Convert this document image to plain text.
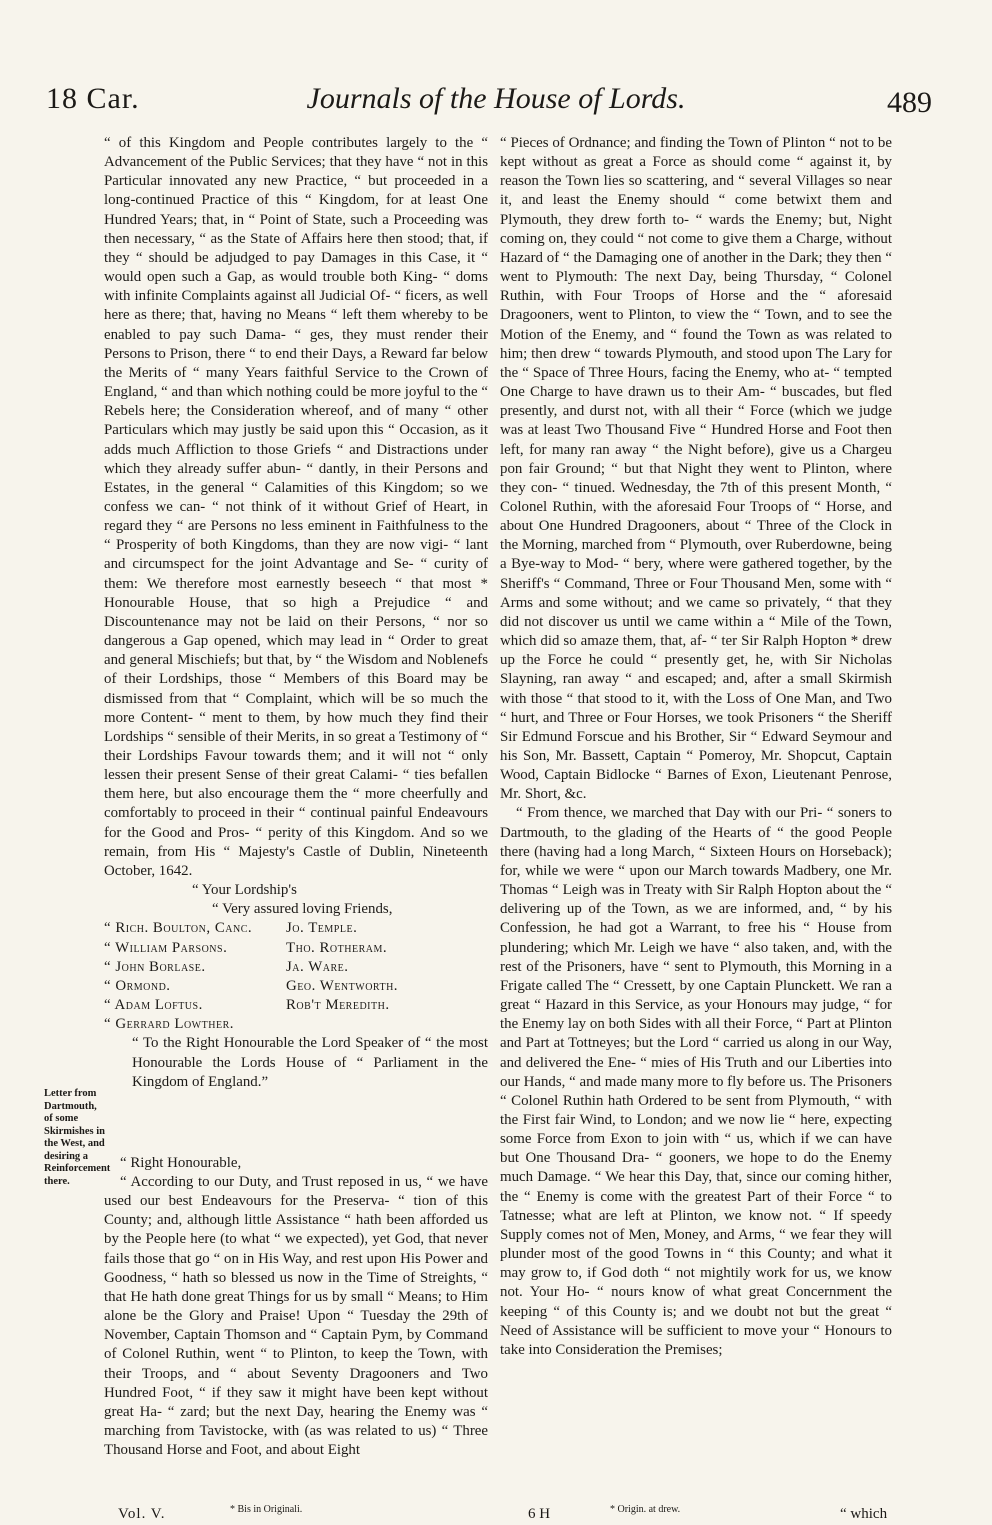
18 Car.	Journals of the House of Lords.	489

“ of this Kingdom and People contributes largely to the “ Advancement of the Public Services; that they have “ not in this Particular innovated any new Practice, “ but proceeded in a long-continued Practice of this “ Kingdom, for at least One Hundred Years; that, in “ Point of State, such a Proceeding was then necessary, “ as the State of Affairs here then stood; that, if they “ should be adjudged to pay Damages in this Case, it “ would open such a Gap, as would trouble both King- “ doms with infinite Complaints against all Judicial Of- “ ficers, as well here as there; that, having no Means “ left them whereby to be enabled to pay such Dama- “ ges, they must render their Persons to Prison, there “ to end their Days, a Reward far below the Merits of “ many Years faithful Service to the Crown of England, “ and than which nothing could be more joyful to the “ Rebels here; the Consideration whereof, and of many “ other Particulars which may justly be said upon this “ Occasion, as it adds much Affliction to those Griefs “ and Distractions under which they already suffer abun- “ dantly, in their Persons and Estates, in the general “ Calamities of this Kingdom; so we confess we can- “ not think of it without Grief of Heart, in regard they “ are Persons no less eminent in Faithfulness to the “ Prosperity of both Kingdoms, than they are now vigi- “ lant and circumspect for the joint Advantage and Se- “ curity of them: We therefore most earnestly beseech “ that most * Honourable House, that so high a Prejudice “ and Discountenance may not be laid on their Persons, “ nor so dangerous a Gap opened, which may lead in “ Order to great and general Mischiefs; but that, by “ the Wisdom and Noblenefs of their Lordships, those “ Members of this Board may be dismissed from that “ Complaint, which will be so much the more Content- “ ment to them, by how much they find their Lordships “ sensible of their Merits, in so great a Testimony of “ their Lordships Favour towards them; and it will not “ only lessen their present Sense of their great Calami- “ ties befallen them here, but also encourage them the “ more cheerfully and comfortably to proceed in their “ continual painful Endeavours for the Good and Pros- “ perity of this Kingdom. And so we remain, from His “ Majesty's Castle of Dublin, Nineteenth October, 1642.

“ Your Lordship's

“ Very assured loving Friends,

“ Rich. Boulton, Canc.	Jo. Temple.
“ William Parsons.	Tho. Rotheram.
“ John Borlase.	Ja. Ware.
“ Ormond.	Geo. Wentworth.
“ Adam Loftus.	Rob't Meredith.
“ Gerrard Lowther.

“ To the Right Honourable the Lord Speaker of “ the most Honourable the Lords House of “ Parliament in the Kingdom of England.”

“ Right Honourable,

“ According to our Duty, and Trust reposed in us, “ we have used our best Endeavours for the Preserva- “ tion of this County; and, although little Assistance “ hath been afforded us by the People here (to what “ we expected), yet God, that never fails those that go “ on in His Way, and rest upon His Power and Goodness, “ hath so blessed us now in the Time of Streights, “ that He hath done great Things for us by small “ Means; to Him alone be the Glory and Praise! Upon “ Tuesday the 29th of November, Captain Thomson and “ Captain Pym, by Command of Colonel Ruthin, went “ to Plinton, to keep the Town, with their Troops, and “ about Seventy Dragooners and Two Hundred Foot, “ if they saw it might have been kept without great Ha- “ zard; but the next Day, hearing the Enemy was “ marching from Tavistocke, with (as was related to us) “ Three Thousand Horse and Foot, and about Eight

Letter from Dartmouth, of some Skirmishes in the West, and desiring a Reinforcement there.

“ Pieces of Ordnance; and finding the Town of Plinton “ not to be kept without as great a Force as should come “ against it, by reason the Town lies so scattering, and “ several Villages so near it, and least the Enemy should “ come betwixt them and Plymouth, they drew forth to- “ wards the Enemy; but, Night coming on, they could “ not come to give them a Charge, without Hazard of “ the Damaging one of another in the Dark; they then “ went to Plymouth: The next Day, being Thursday, “ Colonel Ruthin, with Four Troops of Horse and the “ aforesaid Dragooners, went to Plinton, to view the “ Town, and to see the Motion of the Enemy, and “ found the Town as was related to him; then drew “ towards Plymouth, and stood upon The Lary for the “ Space of Three Hours, facing the Enemy, who at- “ tempted One Charge to have drawn us to their Am- “ buscades, but fled presently, and durst not, with all their “ Force (which we judge was at least Two Thousand Five “ Hundred Horse and Foot then left, for many ran away “ the Night before), give us a Chargeu pon fair Ground; “ but that Night they went to Plinton, where they con- “ tinued. Wednesday, the 7th of this present Month, “ Colonel Ruthin, with the aforesaid Four Troops of “ Horse, and about One Hundred Dragooners, about “ Three of the Clock in the Morning, marched from “ Plymouth, over Ruberdowne, being a Bye-way to Mod- “ bery, where were gathered together, by the Sheriff's “ Command, Three or Four Thousand Men, some with “ Arms and some without; and we came so privately, “ that they did not discover us until we came within a “ Mile of the Town, which did so amaze them, that, af- “ ter Sir Ralph Hopton * drew up the Force he could “ presently get, he, with Sir Nicholas Slayning, ran away “ and escaped; and, after a small Skirmish with those “ that stood to it, with the Loss of One Man, and Two “ hurt, and Three or Four Horses, we took Prisoners “ the Sheriff Sir Edmund Forscue and his Brother, Sir “ Edward Seymour and his Son, Mr. Bassett, Captain “ Pomeroy, Mr. Shopcut, Captain Wood, Captain Bidlocke “ Barnes of Exon, Lieutenant Penrose, Mr. Short, &c.

“ From thence, we marched that Day with our Pri- “ soners to Dartmouth, to the glading of the Hearts of “ the good People there (having had a long March, “ Sixteen Hours on Horseback); for, while we were “ upon our March towards Madbery, one Mr. Thomas “ Leigh was in Treaty with Sir Ralph Hopton about the “ delivering up of the Town, as we are informed, and, “ by his Confession, he had got a Warrant, to free his “ House from plundering; which Mr. Leigh we have “ also taken, and, with the rest of the Prisoners, have “ sent to Plymouth, this Morning in a Frigate called The “ Cressett, by one Captain Plunckett. We ran a great “ Hazard in this Service, as your Honours may judge, “ for the Enemy lay on both Sides with all their Force, “ Part at Plinton and Part at Tottneyes; but the Lord “ carried us along in our Way, and delivered the Ene- “ mies of His Truth and our Liberties into our Hands, “ and made many more to fly before us. The Prisoners “ Colonel Ruthin hath Ordered to be sent from Plymouth, “ with the First fair Wind, to London; and we now lie “ here, expecting some Force from Exon to join with “ us, which if we can have but One Thousand Dra- “ gooners, we hope to do the Enemy much Damage. “ We hear this Day, that, since our coming hither, the “ Enemy is come with the greatest Part of their Force “ to Tatnesse; what are left at Plinton, we know not. “ If speedy Supply comes not of Men, Money, and Arms, “ we fear they will plunder most of the good Towns in “ this County; and what it may grow to, if God doth “ not mightily work for us, we know not. Your Ho- “ nours know of what great Concernment the keeping “ of this County is; and we doubt not but the great “ Need of Assistance will be sufficient to move your “ Honours to take into Consideration the Premises;

* Bis in Originali.	* Origin. at drew.
Vol. V.	6 H	“ which
